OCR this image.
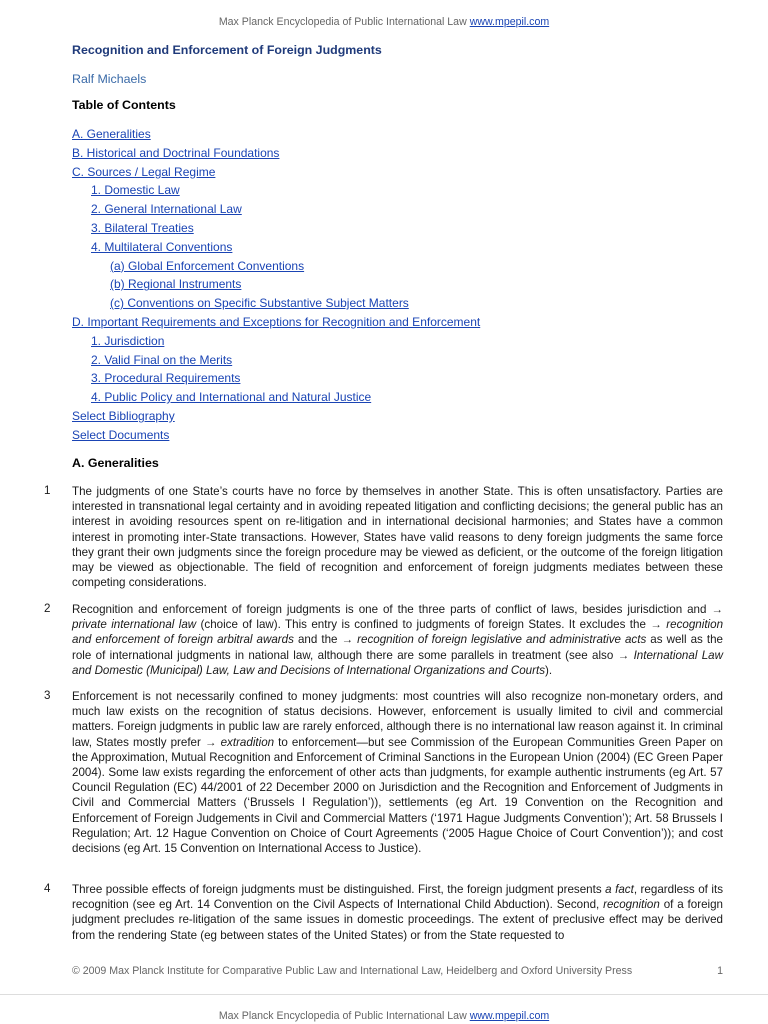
Max Planck Encyclopedia of Public International Law www.mpepil.com
Recognition and Enforcement of Foreign Judgments
Ralf Michaels
Table of Contents
A. Generalities
B. Historical and Doctrinal Foundations
C. Sources / Legal Regime
1. Domestic Law
2. General International Law
3. Bilateral Treaties
4. Multilateral Conventions
(a) Global Enforcement Conventions
(b) Regional Instruments
(c) Conventions on Specific Substantive Subject Matters
D. Important Requirements and Exceptions for Recognition and Enforcement
1. Jurisdiction
2. Valid Final on the Merits
3. Procedural Requirements
4. Public Policy and International and Natural Justice
Select Bibliography
Select Documents
A. Generalities
1 The judgments of one State’s courts have no force by themselves in another State. This is often unsatisfactory. Parties are interested in transnational legal certainty and in avoiding repeated litigation and conflicting decisions; the general public has an interest in avoiding resources spent on re-litigation and in international decisional harmonies; and States have a common interest in promoting inter-State transactions. However, States have valid reasons to deny foreign judgments the same force they grant their own judgments since the foreign procedure may be viewed as deficient, or the outcome of the foreign litigation may be viewed as objectionable. The field of recognition and enforcement of foreign judgments mediates between these competing considerations.

2 Recognition and enforcement of foreign judgments is one of the three parts of conflict of laws, besides jurisdiction and → private international law (choice of law). This entry is confined to judgments of foreign States. It excludes the → recognition and enforcement of foreign arbitral awards and the → recognition of foreign legislative and administrative acts as well as the role of international judgments in national law, although there are some parallels in treatment (see also → International Law and Domestic (Municipal) Law, Law and Decisions of International Organizations and Courts).

3 Enforcement is not necessarily confined to money judgments: most countries will also recognize non-monetary orders, and much law exists on the recognition of status decisions. However, enforcement is usually limited to civil and commercial matters. Foreign judgments in public law are rarely enforced, although there is no international law reason against it. In criminal law, States mostly prefer → extradition to enforcement—but see Commission of the European Communities Green Paper on the Approximation, Mutual Recognition and Enforcement of Criminal Sanctions in the European Union (2004) (EC Green Paper 2004). Some law exists regarding the enforcement of other acts than judgments, for example authentic instruments (eg Art. 57 Council Regulation (EC) 44/2001 of 22 December 2000 on Jurisdiction and the Recognition and Enforcement of Judgments in Civil and Commercial Matters (‘Brussels I Regulation’)), settlements (eg Art. 19 Convention on the Recognition and Enforcement of Foreign Judgements in Civil and Commercial Matters (‘1971 Hague Judgments Convention’); Art. 58 Brussels I Regulation; Art. 12 Hague Convention on Choice of Court Agreements (‘2005 Hague Choice of Court Convention’)); and cost decisions (eg Art. 15 Convention on International Access to Justice).

4 Three possible effects of foreign judgments must be distinguished. First, the foreign judgment presents a fact, regardless of its recognition (see eg Art. 14 Convention on the Civil Aspects of International Child Abduction). Second, recognition of a foreign judgment precludes re-litigation of the same issues in domestic proceedings. The extent of preclusive effect may be derived from the rendering State (eg between states of the United States) or from the State requested to

© 2009 Max Planck Institute for Comparative Public Law and International Law, Heidelberg and Oxford University Press	1
Max Planck Encyclopedia of Public International Law www.mpepil.com
